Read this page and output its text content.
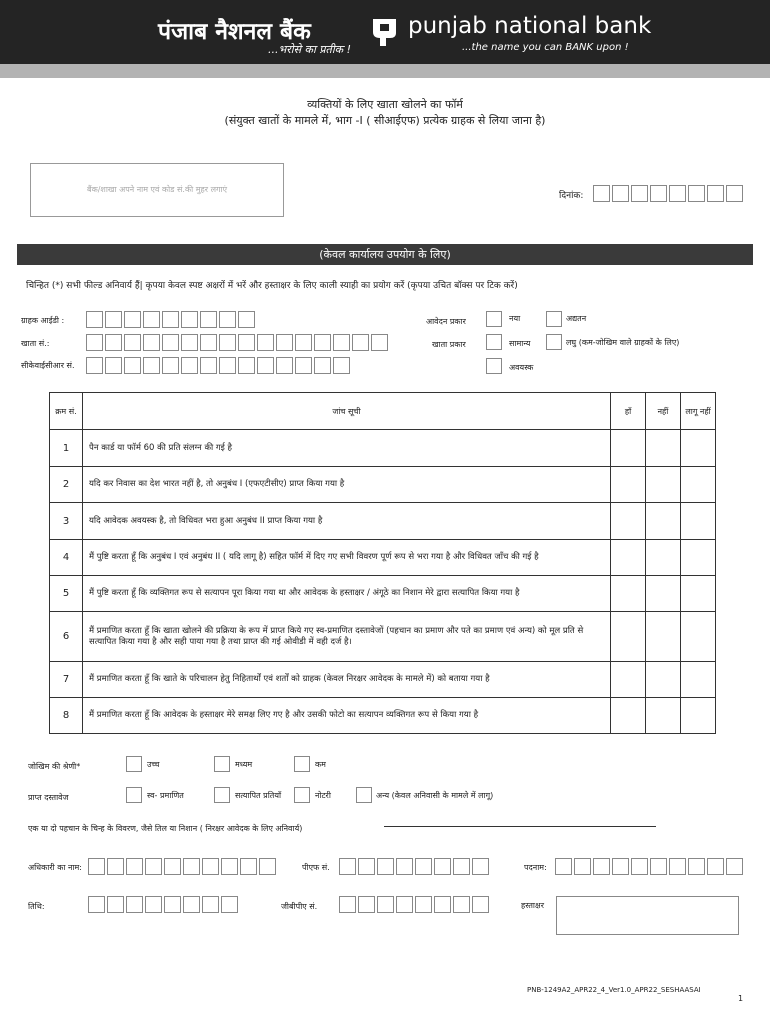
पंजाब नैशनल बैंक
...भरोसे का प्रतीक !
punjab national bank
...the name you can BANK upon !
व्यक्तियों के लिए खाता खोलने का फॉर्म
(संयुक्त खातों के मामले में, भाग -I ( सीआईएफ) प्रत्येक ग्राहक से लिया जाना है)
बैंक/शाखा अपने नाम एवं कोड सं.की मुहर लगाएं
दिनांक:
(केवल कार्यालय उपयोग के लिए)
चिन्हित (*) सभी फील्ड अनिवार्य हैं| कृपया केवल स्पष्ट अक्षरों में भरें और हस्ताक्षर के लिए काली स्याही का प्रयोग करें (कृपया उचित बॉक्स पर टिक करें)
ग्राहक आईडी :
खाता सं.:
सीकेवाईसीआर सं.
आवेदन प्रकार	नया	अद्यतन
खाता प्रकार	सामान्य	लघु (कम-जोखिम वाले ग्राहकों के लिए)
अवयस्क
क्रम सं.	जांच सूची	हाँ	नहीं	लागू नहीं
1	पैन कार्ड या फॉर्म 60 की प्रति संलग्न की गई है			
2	यदि कर निवास का देश भारत नहीं है, तो अनुबंध I (एफएटीसीए) प्राप्त किया गया है			
3	यदि आवेदक अवयस्क है, तो विधिवत भरा हुआ अनुबंध II प्राप्त किया गया है			
4	मैं पुष्टि करता हूँ कि अनुबंध I एवं अनुबंध II ( यदि लागू है) सहित फॉर्म में दिए गए सभी विवरण पूर्ण रूप से भरा गया है और विधिवत जाँच की गई है			
5	मैं पुष्टि करता हूँ कि व्यक्तिगत रूप से सत्यापन पूरा किया गया था और आवेदक के हस्ताक्षर / अंगूठे का निशान मेरे द्वारा सत्यापित किया गया है			
6	मैं प्रमाणित करता हूँ कि खाता खोलने की प्रक्रिया के रूप में प्राप्त किये गए स्व-प्रमाणित दस्तावेजों (पहचान का प्रमाण और पते का प्रमाण एवं अन्य) को मूल प्रति से सत्यापित किया गया है और सही पाया गया है तथा प्राप्त की गई ओवीडी में वही दर्ज है।			
7	मैं प्रमाणित करता हूँ कि खाते के परिचालन हेतु निहितार्थों एवं शर्तों को ग्राहक (केवल निरक्षर आवेदक के मामले में) को बताया गया है			
8	मैं प्रमाणित करता हूँ कि आवेदक के हस्ताक्षर मेरे समक्ष लिए गए है और उसकी फोटो का सत्यापन व्यक्तिगत रूप से किया गया है			
जोखिम की श्रेणी*	उच्च	मध्यम	कम
प्राप्त दस्तावेज	स्व- प्रमाणित	सत्यापित प्रतियाँ	नोटरी	अन्य (केवल अनिवासी के मामले में लागू)
एक या दो पहचान के चिन्ह के विवरण, जैसे तिल या निशान ( निरक्षर आवेदक के लिए अनिवार्य)
अधिकारी का नाम:	पीएफ सं.	पदनाम:
तिथि:	जीबीपीए सं.	हस्ताक्षर
PNB-1249A2_APR22_4_Ver1.0_APR22_SESHAASAI
1
